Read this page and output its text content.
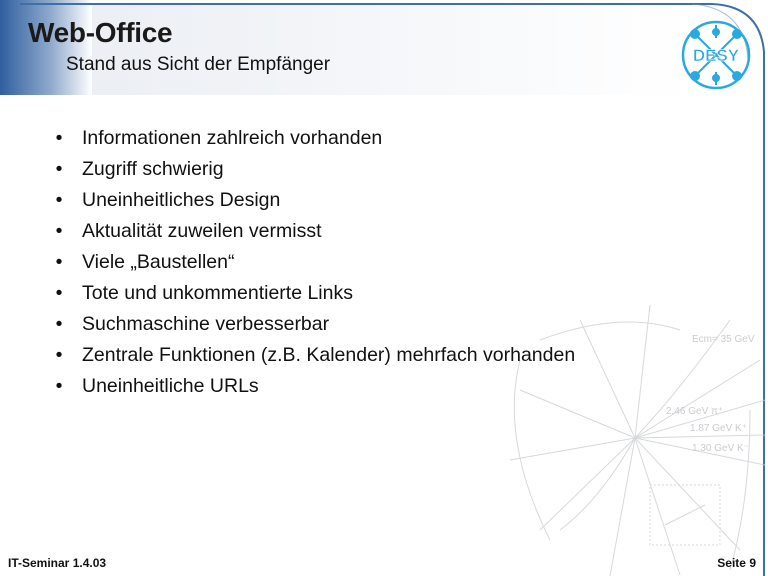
Web-Office
Stand aus Sicht der Empfänger	DESY
Ecm= 35 GeV
2.46 GeV π⁺
1.87 GeV K⁺
1.30 GeV K⁻
• Informationen zahlreich vorhanden
• Zugriff schwierig
• Uneinheitliches Design
• Aktualität zuweilen vermisst
• Viele „Baustellen“
• Tote und unkommentierte Links
• Suchmaschine verbesserbar
• Zentrale Funktionen (z.B. Kalender) mehrfach vorhanden
• Uneinheitliche URLs
IT-Seminar 1.4.03	Seite 9
